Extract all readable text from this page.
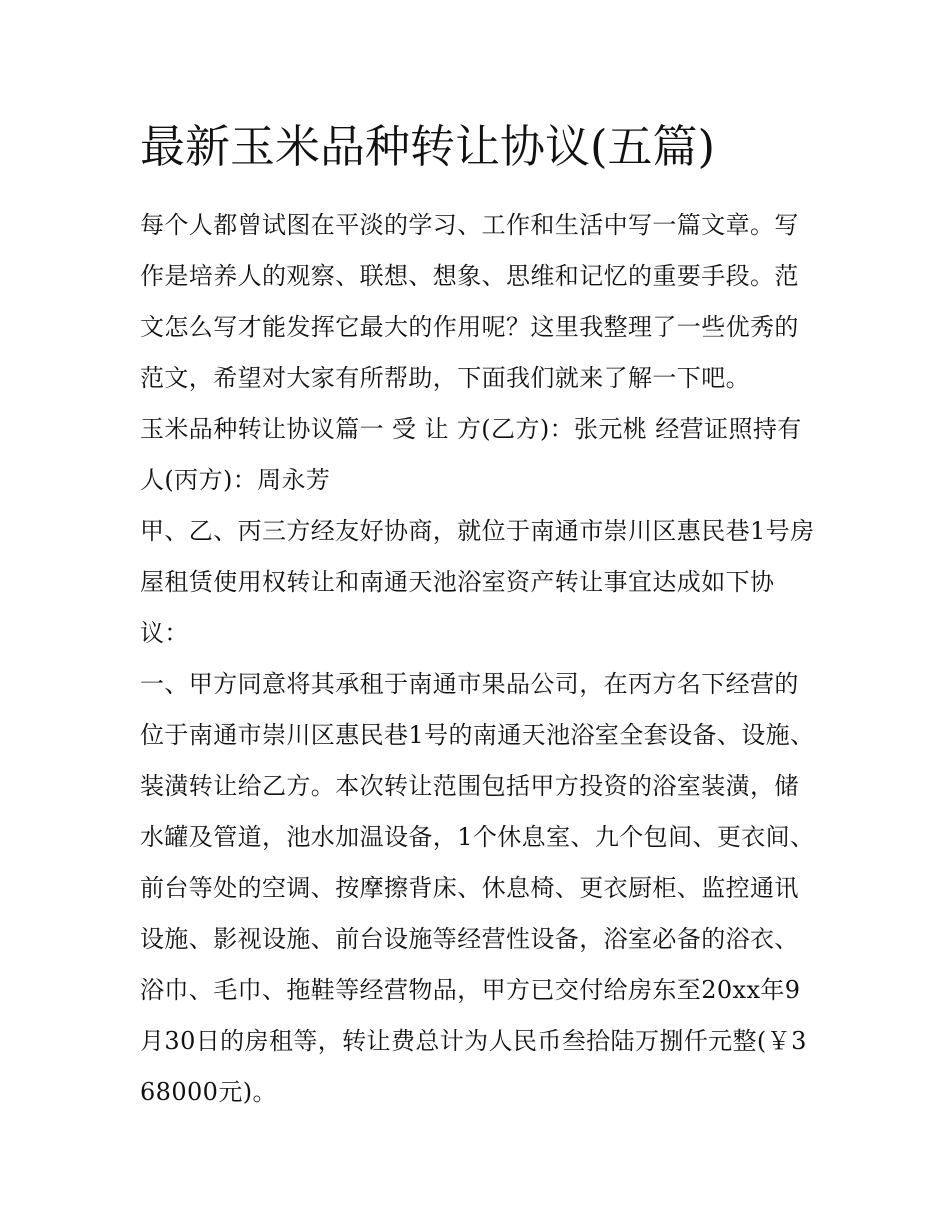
最新玉米品种转让协议(五篇)

每个人都曾试图在平淡的学习、工作和生活中写一篇文章。写作是培养人的观察、联想、想象、思维和记忆的重要手段。范文怎么写才能发挥它最大的作用呢？这里我整理了一些优秀的范文，希望对大家有所帮助，下面我们就来了解一下吧。

玉米品种转让协议篇一 受 让 方(乙方)：张元桃 经营证照持有人(丙方)：周永芳

甲、乙、丙三方经友好协商，就位于南通市崇川区惠民巷1号房屋租赁使用权转让和南通天池浴室资产转让事宜达成如下协议：

一、甲方同意将其承租于南通市果品公司，在丙方名下经营的位于南通市崇川区惠民巷1号的南通天池浴室全套设备、设施、装潢转让给乙方。本次转让范围包括甲方投资的浴室装潢，储水罐及管道，池水加温设备，1个休息室、九个包间、更衣间、前台等处的空调、按摩擦背床、休息椅、更衣厨柜、监控通讯设施、影视设施、前台设施等经营性设备，浴室必备的浴衣、浴巾、毛巾、拖鞋等经营物品，甲方已交付给房东至20xx年9月30日的房租等，转让费总计为人民币叁拾陆万捌仟元整(￥368000元)。
